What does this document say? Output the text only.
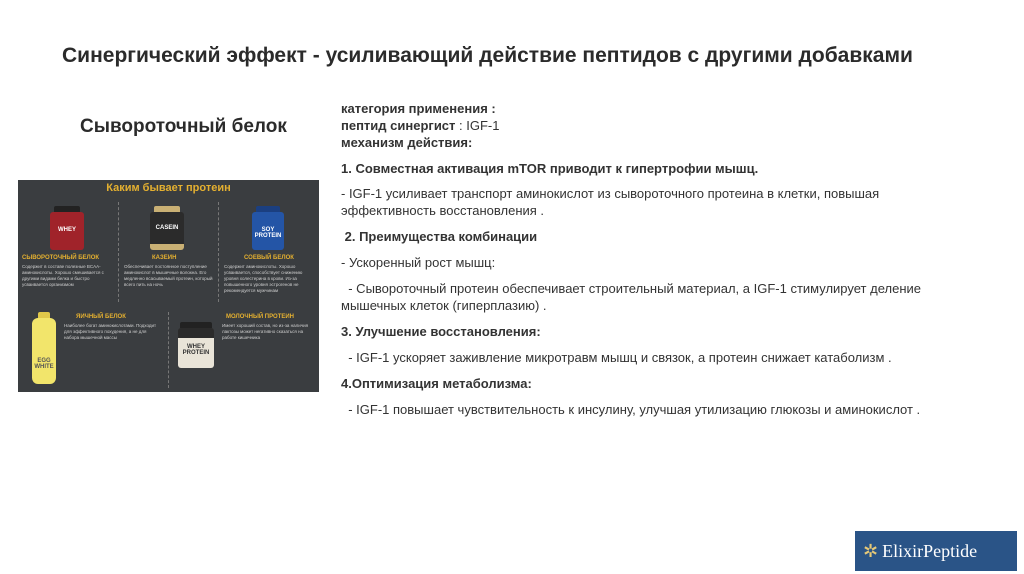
Синергический эффект - усиливающий действие пептидов с другими добавками
Сывороточный белок
Каким бывает протеин
WHEY
СЫВОРОТОЧНЫЙ БЕЛОК
Содержит в составе полезные BCAA-аминокислоты. Хорошо смешивается с другими видами белка и быстро усваивается организмом
CASEIN
КАЗЕИН
Обеспечивает постоянное поступление аминокислот в мышечные волокна. Его медленно всасываемый протеин, который всего пить на ночь
SOY PROTEIN
СОЕВЫЙ БЕЛОК
Содержит аминокислоты. Хорошо усваивается, способствует снижению уровня холестерина в крови. Из-за повышенного уровня эстрогенов не рекомендуется мужчинам
EGG WHITE
ЯИЧНЫЙ БЕЛОК
Наиболее богат аминокислотами. Подходит для эффективного похудения, а не для набора мышечной массы
WHEY PROTEIN
МОЛОЧНЫЙ ПРОТЕИН
Имеет хороший состав, но из-за наличия лактозы может негативно сказаться на работе кишечника

категория применения :

пептид синергист : IGF-1

механизм действия:

1. Совместная активация mTOR приводит к гипертрофии мышц.

- IGF-1 усиливает транспорт аминокислот из сывороточного протеина в клетки, повышая эффективность восстановления .

2. Преимущества комбинации

- Ускоренный рост мышц:

- Сывороточный протеин обеспечивает строительный материал, а IGF-1 стимулирует деление мышечных клеток (гиперплазию) .

3. Улучшение восстановления:

- IGF-1 ускоряет заживление микротравм мышц и связок, а протеин снижает катаболизм .

4.Оптимизация метаболизма:

- IGF-1 повышает чувствительность к инсулину, улучшая утилизацию глюкозы и аминокислот .

✲ ElixirPeptide
